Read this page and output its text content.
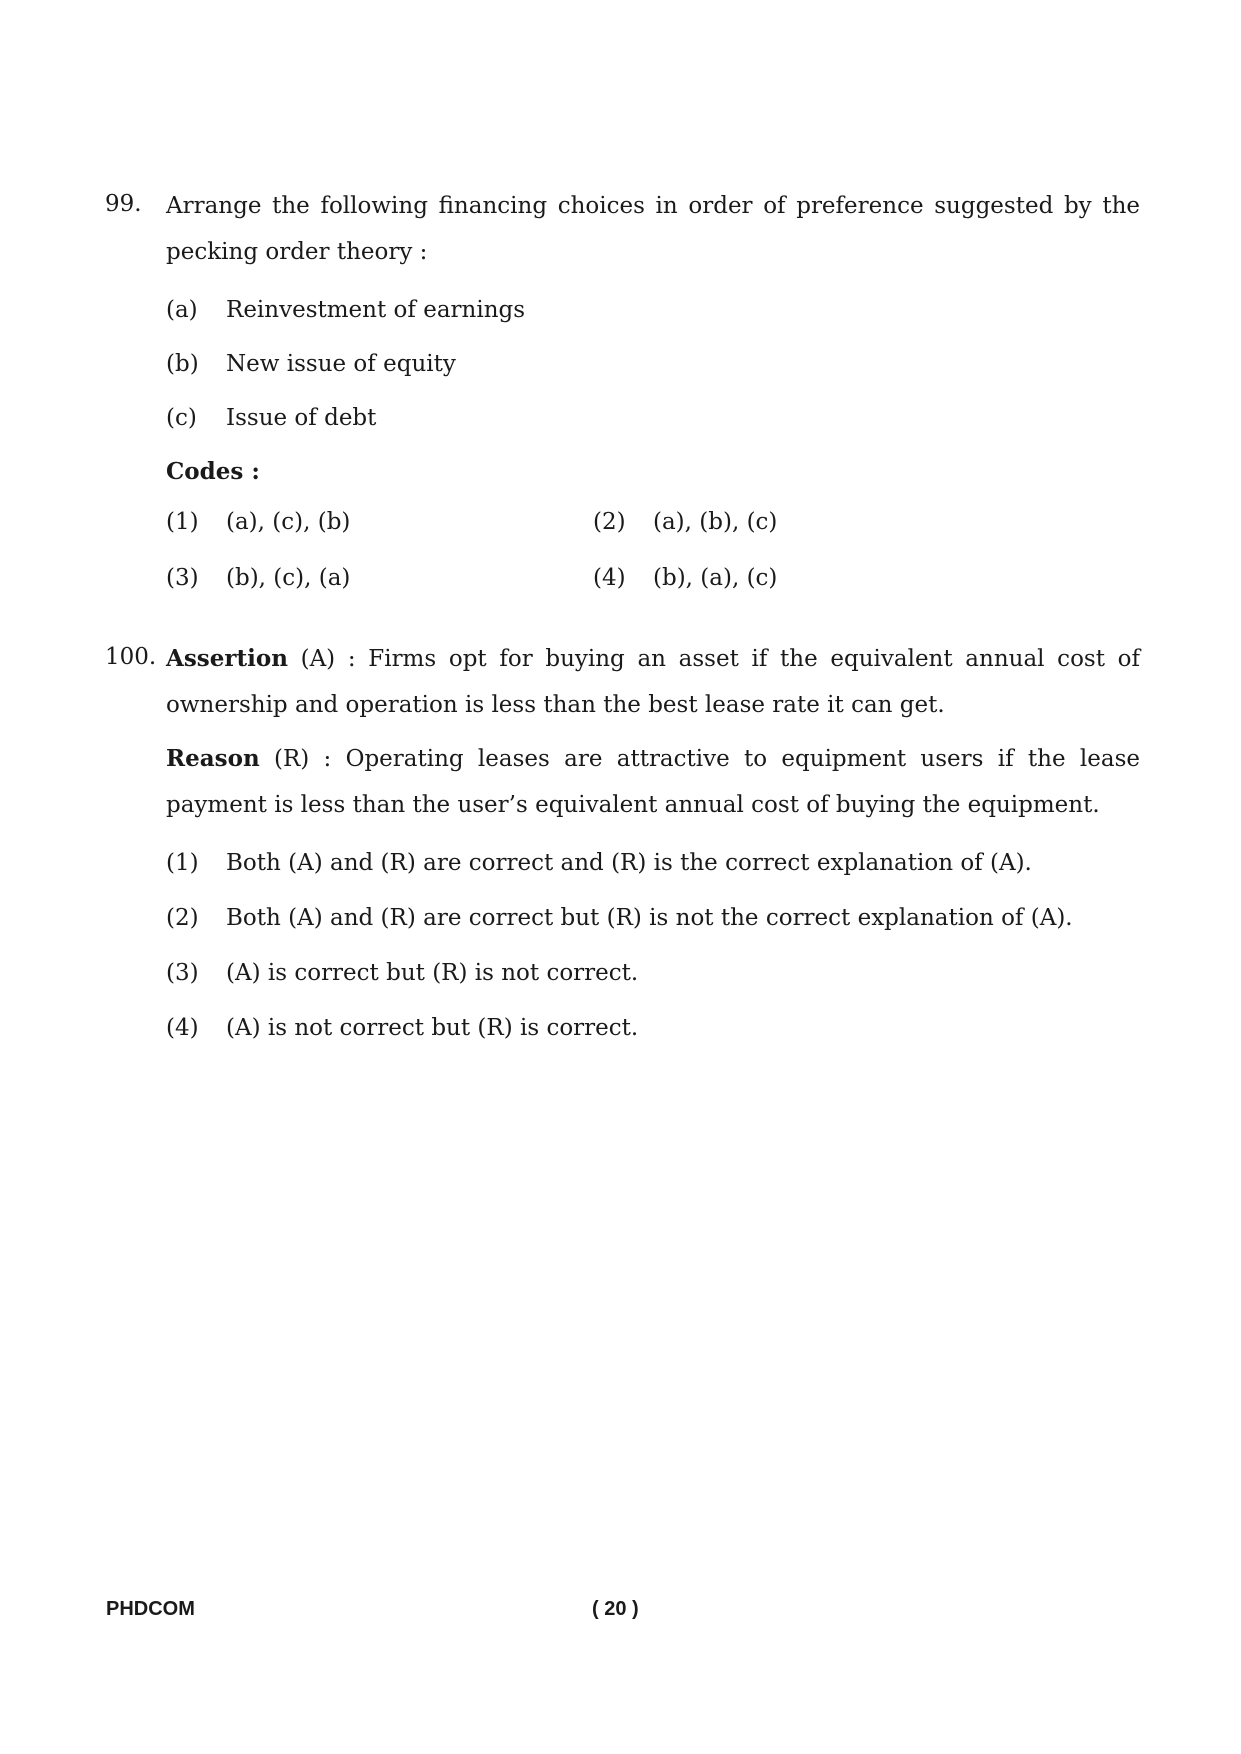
99. Arrange the following financing choices in order of preference suggested by the pecking order theory :

(a)	Reinvestment of earnings
(b)	New issue of equity
(c)	Issue of debt
Codes :
(1)	(a), (c), (b)	(2)	(a), (b), (c)
(3)	(b), (c), (a)	(4)	(b), (a), (c)
100. Assertion (A) : Firms opt for buying an asset if the equivalent annual cost of ownership and operation is less than the best lease rate it can get.

Reason (R) : Operating leases are attractive to equipment users if the lease payment is less than the user’s equivalent annual cost of buying the equipment.

(1)	Both (A) and (R) are correct and (R) is the correct explanation of (A).
(2)	Both (A) and (R) are correct but (R) is not the correct explanation of (A).
(3)	(A) is correct but (R) is not correct.
(4)	(A) is not correct but (R) is correct.
PHDCOM	( 20 )
